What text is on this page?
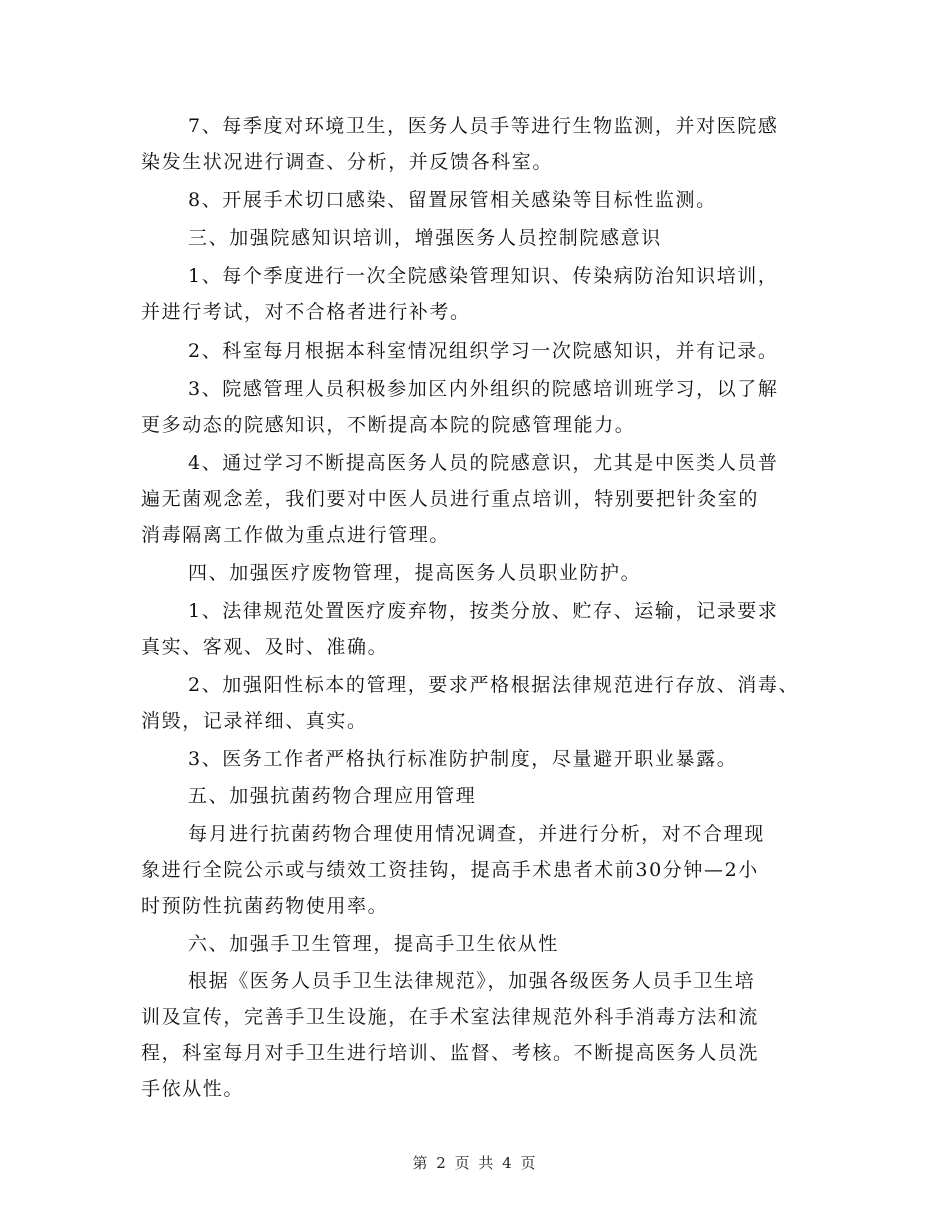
7、每季度对环境卫生，医务人员手等进行生物监测，并对医院感
染发生状况进行调查、分析，并反馈各科室。
8、开展手术切口感染、留置尿管相关感染等目标性监测。
三、加强院感知识培训，增强医务人员控制院感意识
1、每个季度进行一次全院感染管理知识、传染病防治知识培训，
并进行考试，对不合格者进行补考。
2、科室每月根据本科室情况组织学习一次院感知识，并有记录。
3、院感管理人员积极参加区内外组织的院感培训班学习，以了解
更多动态的院感知识，不断提高本院的院感管理能力。
4、通过学习不断提高医务人员的院感意识，尤其是中医类人员普
遍无菌观念差，我们要对中医人员进行重点培训，特别要把针灸室的
消毒隔离工作做为重点进行管理。
四、加强医疗废物管理，提高医务人员职业防护。
1、法律规范处置医疗废弃物，按类分放、贮存、运输，记录要求
真实、客观、及时、准确。
2、加强阳性标本的管理，要求严格根据法律规范进行存放、消毒、
消毁，记录祥细、真实。
3、医务工作者严格执行标准防护制度，尽量避开职业暴露。
五、加强抗菌药物合理应用管理
每月进行抗菌药物合理使用情况调查，并进行分析，对不合理现
象进行全院公示或与绩效工资挂钩，提高手术患者术前30分钟—2小
时预防性抗菌药物使用率。
六、加强手卫生管理，提高手卫生依从性
根据《医务人员手卫生法律规范》，加强各级医务人员手卫生培
训及宣传，完善手卫生设施，在手术室法律规范外科手消毒方法和流
程，科室每月对手卫生进行培训、监督、考核。不断提高医务人员洗
手依从性。
第 2 页 共 4 页
